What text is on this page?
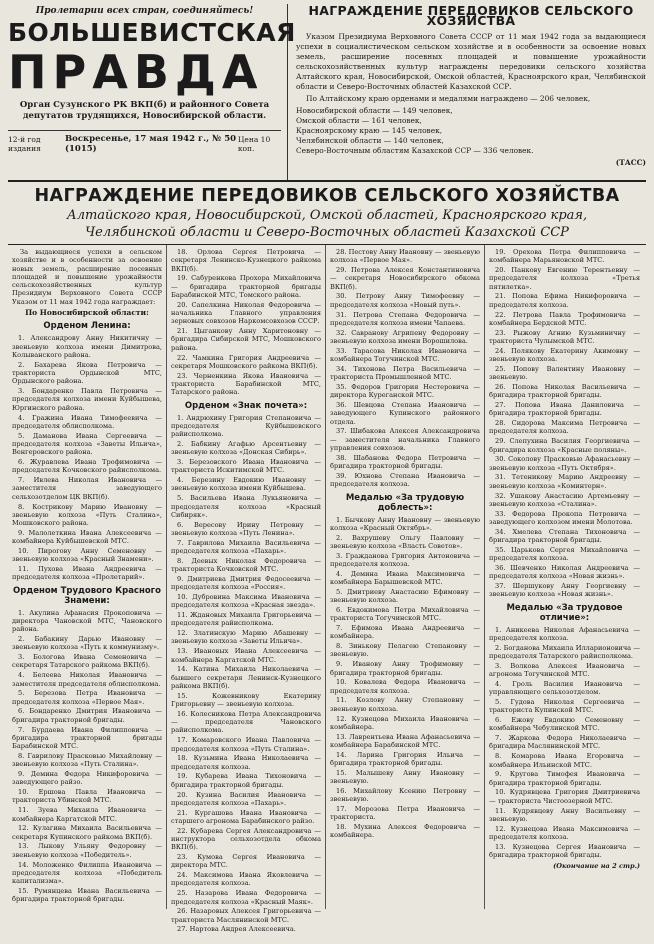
Пролетарии всех стран, соединяйтесь!
БОЛЬШЕВИСТСКАЯ
ПРАВДА
Орган Сузунского РК ВКП(б) и районного Совета депутатов трудящихся, Новосибирской области.
12-й год издания
Воскресенье, 17 мая 1942 г., № 50 (1015)
Цена 10 коп.
НАГРАЖДЕНИЕ ПЕРЕДОВИКОВ СЕЛЬСКОГО ХОЗЯЙСТВА

Указом Президиума Верховного Совета СССР от 11 мая 1942 года за выдающиеся успехи в социалистическом сельском хозяйстве и в особенности за освоение новых земель, расширение посевных площадей и повышение урожайности сельскохозяйственных культур награждены передовики сельского хозяйства Алтайского края, Новосибирской, Омской областей, Красноярского края, Челябинской области и Северо-Восточных областей Казахской ССР.

По Алтайскому краю орденами и медалями награждено — 206 человек,

Новосибирской области — 149 человек,
Омской области — 161 человек,
Красноярскому краю — 145 человек,
Челябинской области — 140 человек,
Северо-Восточным областям Казахской ССР — 336 человек.
(ТАСС)
НАГРАЖДЕНИЕ ПЕРЕДОВИКОВ СЕЛЬСКОГО ХОЗЯЙСТВА
Алтайского края, Новосибирской, Омской областей, Красноярского края,
Челябинской области и Северо-Восточных областей Казахской ССР

За выдающиеся успехи в сельском хозяйстве и в особенности за освоение новых земель, расширение посевных площадей и повышение урожайности сельскохозяйственных культур Президиум Верховного Совета СССР Указом от 11 мая 1942 года награждает:

По Новосибирской области:
Орденом Ленина:

1. Александрову Анну Никитичну — звеньевую колхоза имени Димитрова, Колыванского района.

2. Бахарева Якова Петровича — тракториста Ордынской МТС, Ордынского района.

3. Бондаренко Павла Петровича — председателя колхоза имени Куйбышева, Юргинского района.

4. Гражина Ивана Тимофеевича — председателя облисполкома.

5. Даманова Ивана Сергеевича — председателя колхоза «Заветы Ильича», Венгеровского района.

6. Журавлева Ивана Трофимовича — председателя Кочковского райисполкома.

7. Ивлева Николая Ивановича — заместителя заведующего сельхозотделом ЦК ВКП(б).

8. Кострикову Марию Ивановну — звеньевую колхоза «Путь Сталина», Мошковского района.

9. Малолеткина Ивана Алексеевича — комбайнера Куйбышевской МТС.

10. Пирогову Анну Семеновну — звеньевую колхоза «Красный Знамени».

11. Пухова Ивана Андреевича — председателя колхоза «Пролетарий».

Орденом Трудового Красного Знамени:

1. Акулина Афанасия Прокоповича — директора Чановской МТС, Чановского района.

2. Бабакину Дарью Ивановну — звеньевую колхоза «Путь к коммунизму».

3. Бологова Ивана Семеновича — секретаря Татарского райкома ВКП(б).

4. Белеева Николая Ивановича — заместителя председателя облисполкома.

5. Березова Петра Ивановича — председателя колхоза «Первое Мая».

6. Бондаренко Дмитрия Ивановича — бригадира тракторной бригады.

7. Бурдаева Ивана Филипповича — бригадира тракторной бригады Барабинской МТС.

8. Гаврилову Прасковью Михайловну — звеньевую колхоза «Путь Сталина».

9. Демина Федора Никифоровича — заведующего райзо.

10. Ершова Павла Ивановича — тракториста Убинской МТС.

11. Зуева Михаила Ивановича — комбайнера Каргатской МТС.

12. Кулагина Михаила Васильевича — секретаря Купинского райкома ВКП(б).

13. Лыкову Ульяну Федоровну — звеньевую колхоза «Победитель».

14. Моложенко Филиппа Ивановича — председателя колхоза «Победитель капитализма».

15. Румянцева Ивана Васильевича — бригадира тракторной бригады.

18. Орлова Сергея Петровича — секретаря Ленинско-Кузнецкого райкома ВКП(б).

19. Сабуренкова Прохора Михайловича — бригадира тракторной бригады Барабинской МТС, Томского района.

20. Сапелкина Николая Федоровича — начальника Главного управления зерновых совхозов Наркомсовхозов СССР.

21. Цыганкову Анну Харитоновну — бригадира Сибирской МТС, Мошковского района.

22. Чамкина Григория Андреевича — секретаря Мошковского райкома ВКП(б).

23. Черненкина Якова Ивановича — тракториста Барабинской МТС, Татарского района.

Орденом «Знак почета»:

1. Андрюхину Григория Степановича — председателя Куйбышевского райисполкома.

2. Бабкину Агафью Арсентьевну — звеньевую колхоза «Донская Сибирь».

3. Березовского Ивана Ивановича — тракториста Искитимской МТС.

4. Березину Евдокию Ивановну — звеньевую колхоза имени Куйбышева.

5. Васильева Ивана Лукьяновича — председателя колхоза «Красный Сибиряк».

6. Вересову Ирину Петровну — звеньевую колхоза «Путь Ленина».

7. Гаврилова Михаила Васильевича — председателя колхоза «Пахарь».

8. Деевых Николая Федоровича — тракториста Кочковской МТС.

9. Дмитриева Дмитрия Федосеевича — председателя колхоза «Россия».

10. Дубровина Максима Ивановича — председателя колхоза «Красная звезда».

11. Ждановых Михаила Григорьевича — председателя райисполкома.

12. Златинскую Марию Абашевну — звеньевую колхоза «Заветы Ильича».

13. Ивановых Ивана Алексеевича — комбайнера Каргатской МТС.

14. Катина Михаила Николаевича — бывшего секретаря Ленинск-Кузнецкого райкома ВКП(б).

15. Кожевникову Екатерину Григорьевну — звеньевую колхоза.

16. Колесникова Петра Александровича — председателя Чановского райисполкома.

17. Комаровского Ивана Павловича — председателя колхоза «Путь Сталина».

18. Кузьмина Ивана Николаевича — председателя колхоза.

19. Кубарева Ивана Тихоновича — бригадира тракторной бригады.

20. Кузина Василия Ивановича — председателя колхоза «Пахарь».

21. Кургашова Ивана Ивановича — старшего агронома Барабинского райзо.

22. Кубарева Сергея Александровича — инструктора сельхозотдела обкома ВКП(б).

23. Кумова Сергея Ивановича — директора МТС.

24. Максимова Ивана Яковлевича — председателя колхоза.

25. Назарова Ивана Федоровича — председателя колхоза «Красный Маяк».

26. Назаровых Алексея Григорьевича — тракториста Маслянинской МТС.

27. Нартова Андрея Алексеевича.

28. Пестову Анну Ивановну — звеньевую колхоза «Первое Мая».

29. Петрова Алексея Константиновича — секретаря Новосибирского обкома ВКП(б).

30. Петрову Анну Тимофеевну — председателя колхоза «Новый путь».

31. Петрова Степана Федоровича — председателя колхоза имени Чапаева.

32. Савранову Агрипену Федоровну — звеньевую колхоза имени Ворошилова.

33. Тарасова Николая Ивановича — комбайнера Тогучинской МТС.

34. Тихонова Петра Васильевича — тракториста Промышленной МТС.

35. Федоров Григория Нестеровича — директора Куреганской МТС.

36. Шевцова Степана Ивановича — заведующего Купинского районного отдела.

37. Шибакова Алексея Александровича — заместителя начальника Главного управления совхозов.

38. Шабанова Федора Петровича — бригадира тракторной бригады.

39. Юхнова Степана Ивановича — председателя колхоза.

Медалью «За трудовую доблесть»:

1. Бычкову Анну Ивановну — звеньевую колхоза «Красный Октябрь».

2. Вахрушеву Ольгу Павловну — звеньевую колхоза «Власть Советов».

3. Гражданова Григория Антоновича — председателя колхоза.

4. Демина Ивана Максимовича — комбайнера Барышевской МТС.

5. Дмитриеву Анастасию Ефимовну — звеньевую колхоза.

6. Евдокимова Петра Михайловича — тракториста Тогучинской МТС.

7. Ефимова Ивана Андреевича — комбайнера.

8. Зинькову Пелагею Степановну — звеньевую.

9. Иванову Анну Трофимовну — бригадира тракторной бригады.

10. Ковалева Федора Ивановича — председателя колхоза.

11. Козлову Анну Степановну — звеньевую колхоза.

12. Кузнецова Михаила Ивановича — комбайнера.

13. Лаврентьева Ивана Афанасьевича — комбайнера Барабинской МТС.

14. Ларина Григория Ильича — бригадира тракторной бригады.

15. Малышеву Анну Ивановну — звеньевую.

16. Михайлову Ксению Петровну — звеньевую.

17. Морозова Петра Ивановича — тракториста.

18. Мухина Алексея Федоровича — комбайнера.

19. Орехова Петра Филипповича — комбайнера Марьяновской МТС.

20. Панкову Евгению Терентьевну — председателя колхоза «Третья пятилетка».

21. Попова Ефима Никифоровича — председателя колхоза.

22. Петрова Павла Трофимовича — комбайнера Бердской МТС.

23. Рыжову Агнию Кузьминичну — тракториста Чулымской МТС.

24. Полякову Екатерину Акимовну — звеньевую колхоза.

25. Попову Валентину Ивановну — звеньевую.

26. Попова Николая Васильевича — бригадира тракторной бригады.

27. Попова Ивана Даниловича — бригадира тракторной бригады.

28. Сидорова Максима Петровича — председателя колхоза.

29. Слепухина Василия Георгиевича — бригадира колхоза «Красные поляны».

30. Соколову Прасковью Афанасьевну — звеньевую колхоза «Путь Октября».

31. Тетеникову Марию Андреевну — звеньевую колхоза «Коминтерн».

32. Ушакову Анастасию Артемьевну — звеньевую колхоза «Сталина».

33. Федорова Прокопа Петровича — заведующего колхозом имени Молотова.

34. Хмелева Степана Тихоновича — бригадира тракторной бригады.

35. Царькова Сергея Михайловича — председателя колхоза.

36. Шевченко Николая Андреевича — председателя колхоза «Новая жизнь».

37. Шершукову Анну Георгиевну — звеньевую колхоза «Новая жизнь».

Медалью «За трудовое отличие»:

1. Аникеева Николая Афанасьевича — председателя колхоза.

2. Богданова Михаила Илларионовича — председателя Татарского райисполкома.

3. Волкова Алексея Ивановича — агронома Тогучинской МТС.

4. Гроль Василия Ивановича — управляющего сельхозотделом.

5. Гудова Николая Сергеевича — тракториста Купинской МТС.

6. Ежову Евдокию Семеновну — комбайнера Чебулинской МТС.

7. Жаркова Федора Николаевича — бригадира Маслянинской МТС.

8. Комарова Ивана Егоровича — комбайнера Ильинской МТС.

9. Кругова Тимофея Ивановича — бригадира тракторной бригады.

10. Кудрявцева Григория Дмитриевича — тракториста Чистоозерной МТС.

11. Кудрявцеву Анну Васильевну — звеньевую.

12. Кузнецова Ивана Максимовича — председателя колхоза.

13. Кузнецова Сергея Ивановича — бригадира тракторной бригады.

(Окончание на 2 стр.)
